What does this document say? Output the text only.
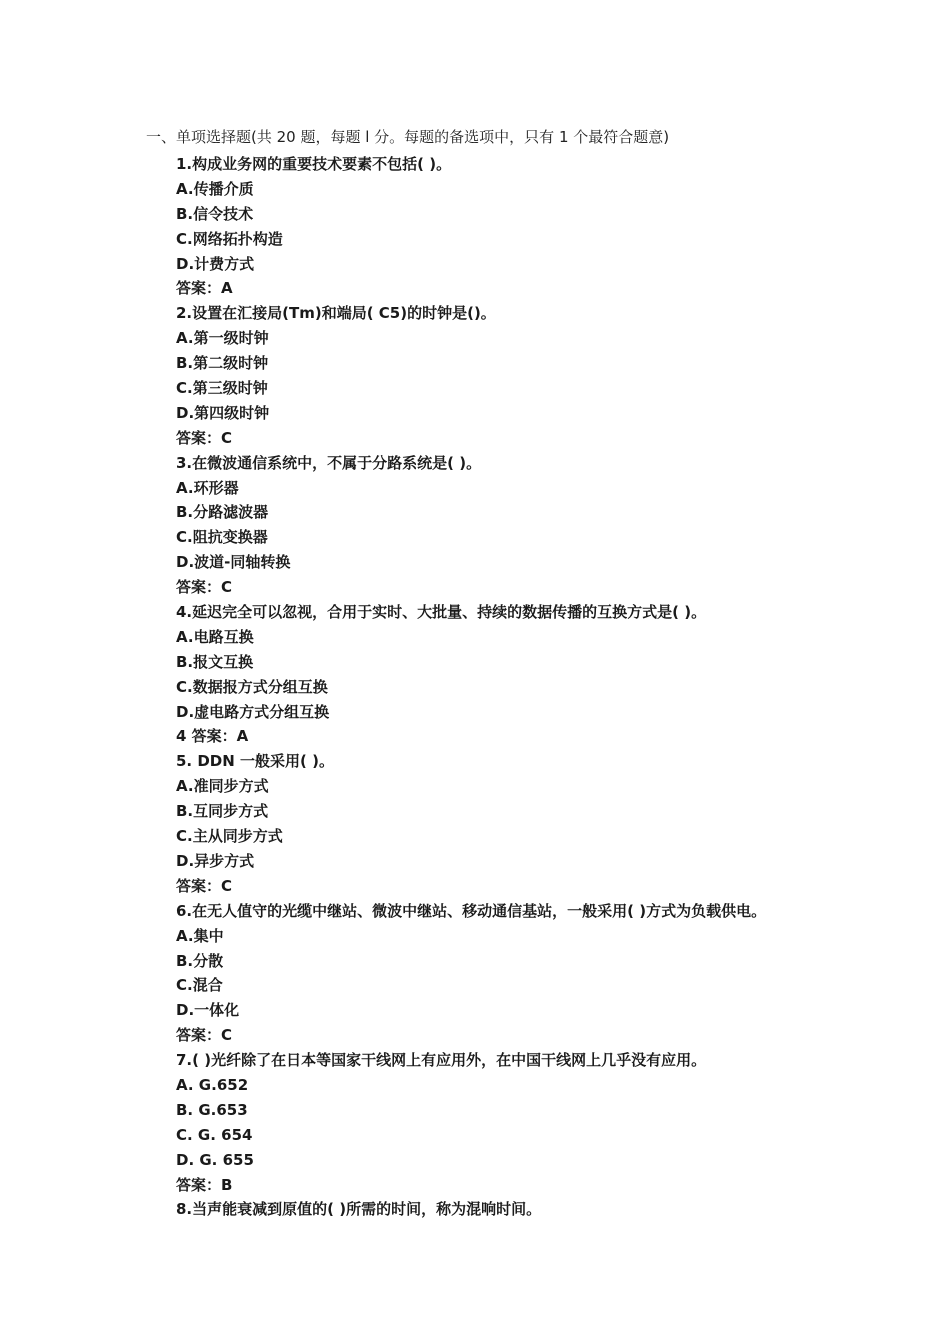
一、单项选择题(共 20 题，每题 l 分。每题的备选项中，只有 1 个最符合题意)
1.构成业务网的重要技术要素不包括( )。
A.传播介质
B.信令技术
C.网络拓扑构造
D.计费方式
答案：A
2.设置在汇接局(Tm)和端局( C5)的时钟是()。
A.第一级时钟
B.第二级时钟
C.第三级时钟
D.第四级时钟
答案：C
3.在微波通信系统中，不属于分路系统是( )。
A.环形器
B.分路滤波器
C.阻抗变换器
D.波道-同轴转换
答案：C
4.延迟完全可以忽视，合用于实时、大批量、持续的数据传播的互换方式是( )。
A.电路互换
B.报文互换
C.数据报方式分组互换
D.虚电路方式分组互换
4 答案：A
5. DDN 一般采用( )。
A.准同步方式
B.互同步方式
C.主从同步方式
D.异步方式
答案：C
6.在无人值守的光缆中继站、微波中继站、移动通信基站，一般采用( )方式为负载供电。
A.集中
B.分散
C.混合
D.一体化
答案：C
7.( )光纤除了在日本等国家干线网上有应用外，在中国干线网上几乎没有应用。
A. G.652
B. G.653
C. G. 654
D. G. 655
答案：B
8.当声能衰减到原值的( )所需的时间，称为混响时间。
